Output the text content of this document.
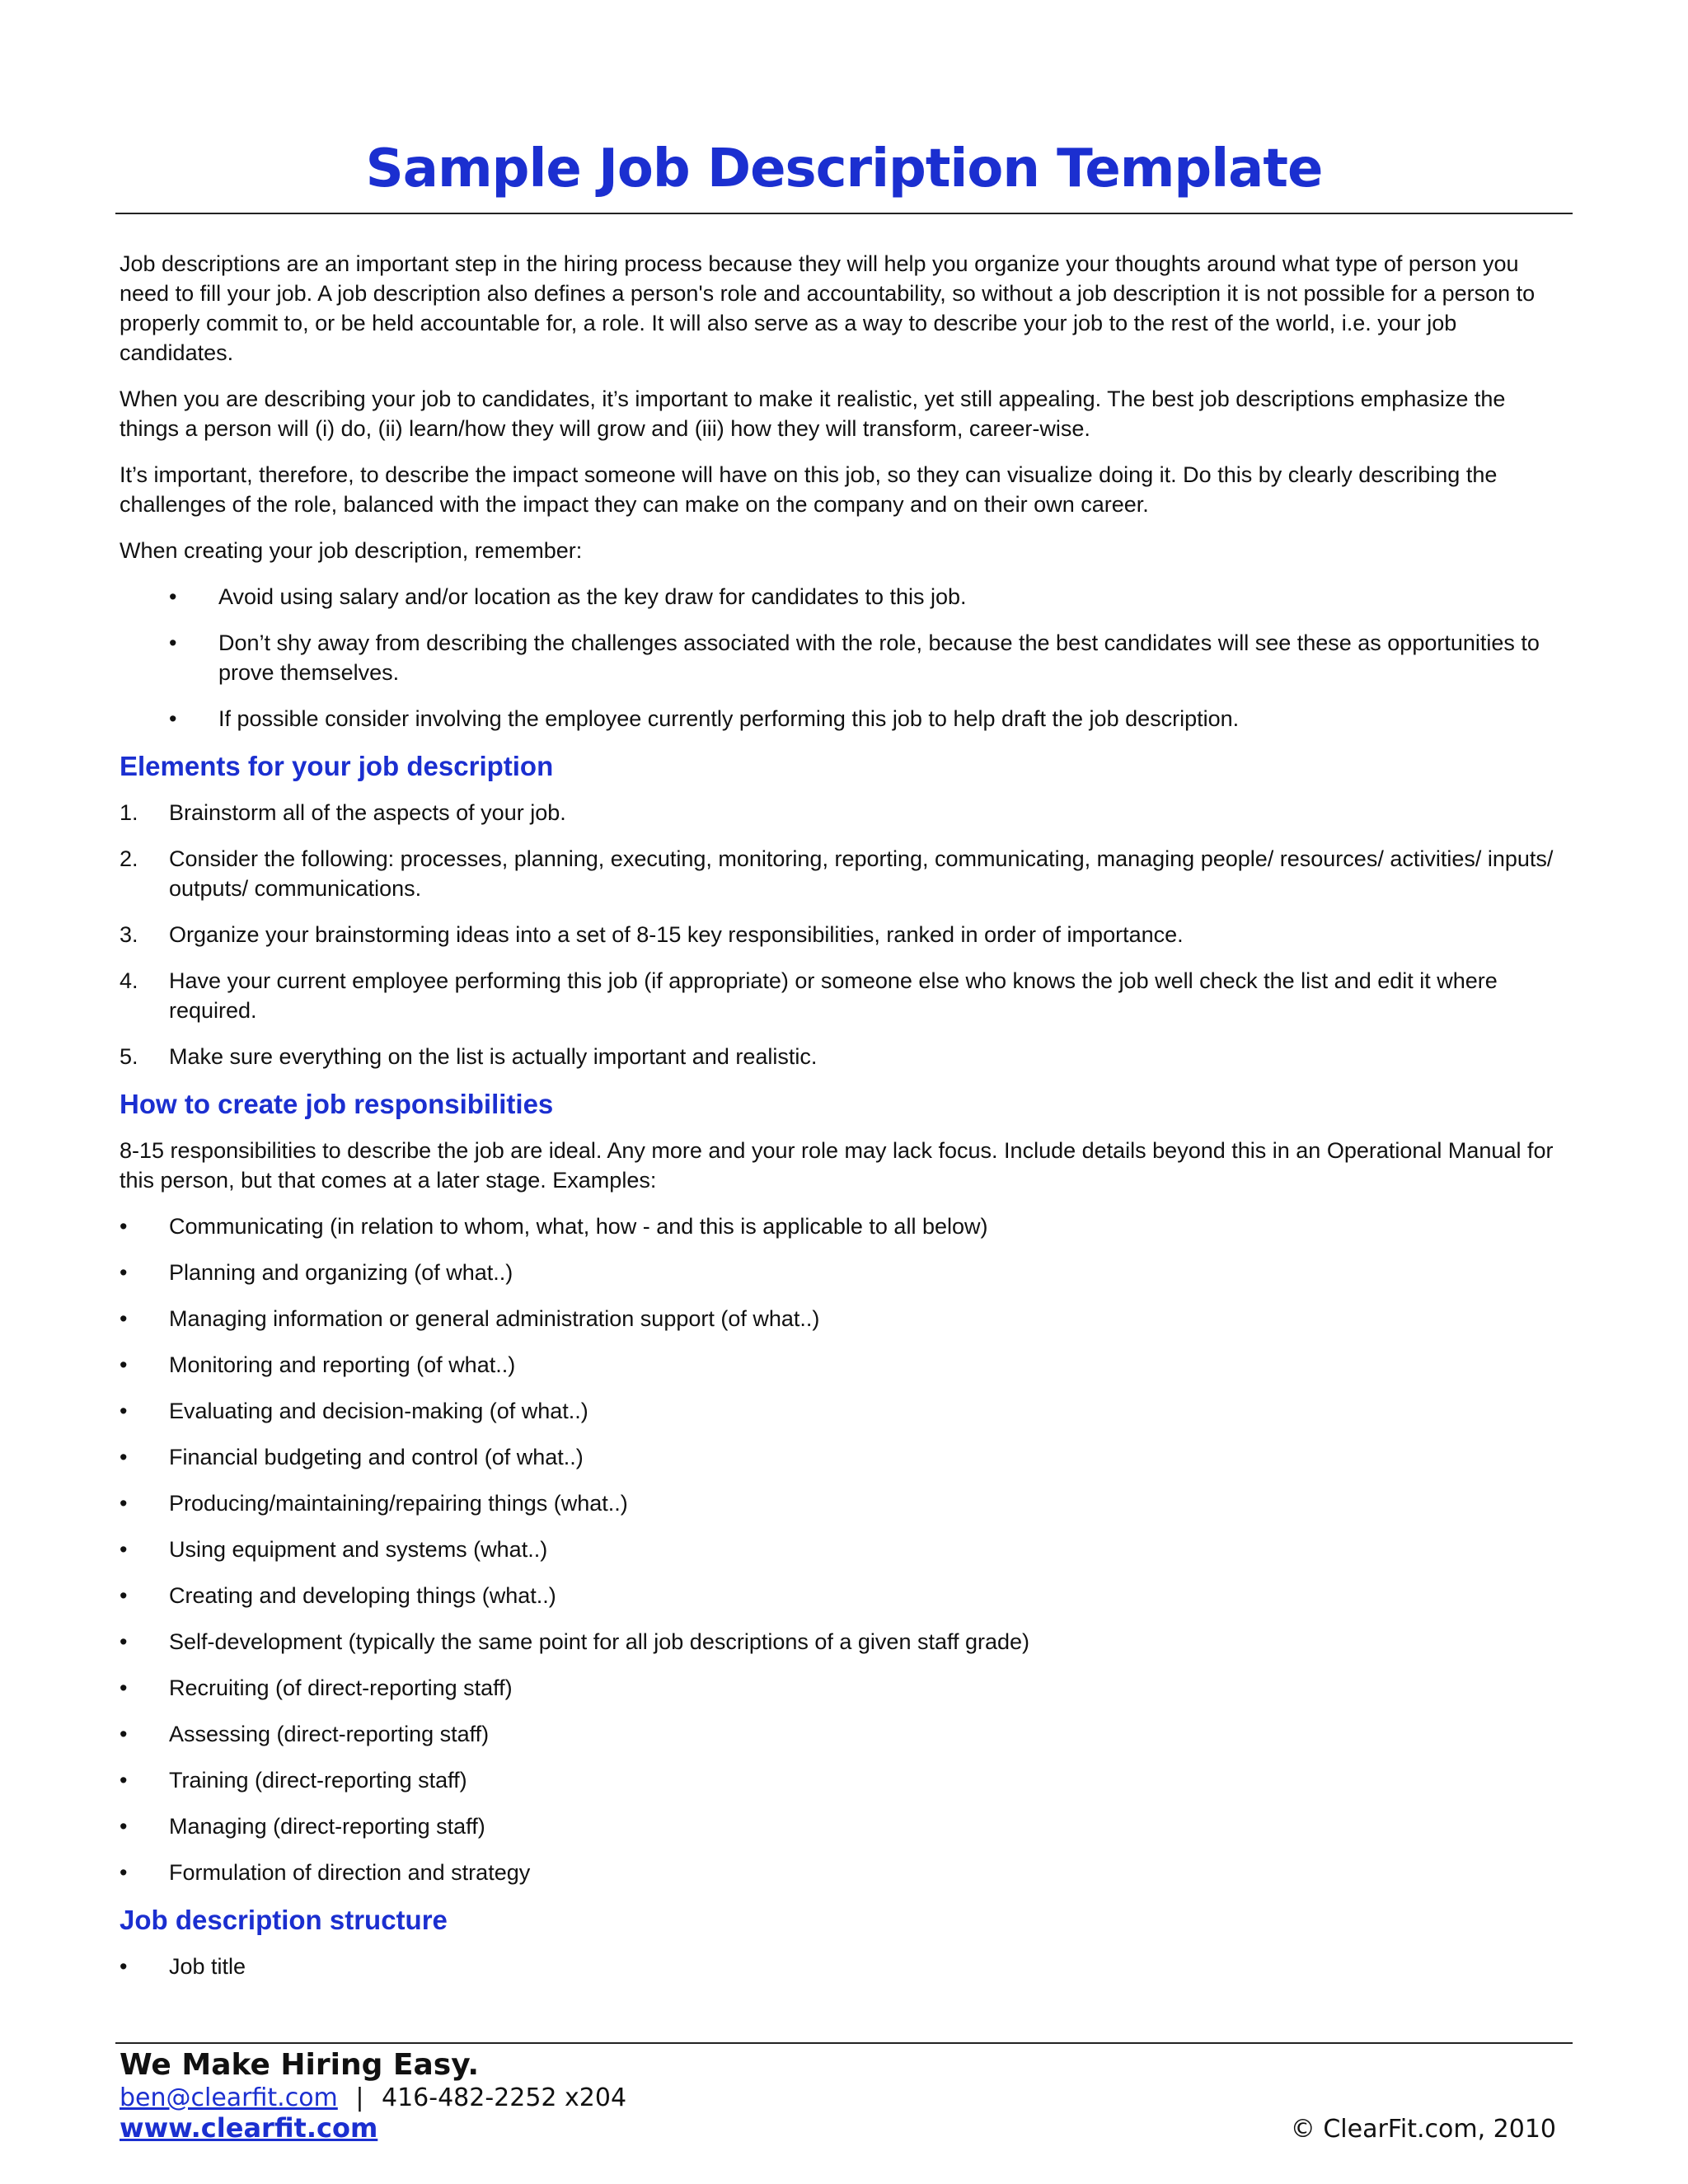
Sample Job Description Template

Job descriptions are an important step in the hiring process because they will help you organize your thoughts around what type of person you need to fill your job. A job description also defines a person's role and accountability, so without a job description it is not possible for a person to properly commit to, or be held accountable for, a role. It will also serve as a way to describe your job to the rest of the world, i.e. your job candidates.

When you are describing your job to candidates, it’s important to make it realistic, yet still appealing. The best job descriptions emphasize the things a person will (i) do, (ii) learn/how they will grow and (iii) how they will transform, career-wise.

It’s important, therefore, to describe the impact someone will have on this job, so they can visualize doing it. Do this by clearly describing the challenges of the role, balanced with the impact they can make on the company and on their own career.

When creating your job description, remember:

• Avoid using salary and/or location as the key draw for candidates to this job.
• Don’t shy away from describing the challenges associated with the role, because the best candidates will see these as opportunities to prove themselves.
• If possible consider involving the employee currently performing this job to help draft the job description.
Elements for your job description
1. Brainstorm all of the aspects of your job.
2. Consider the following: processes, planning, executing, monitoring, reporting, communicating, managing people/ resources/ activities/ inputs/ outputs/ communications.
3. Organize your brainstorming ideas into a set of 8-15 key responsibilities, ranked in order of importance.
4. Have your current employee performing this job (if appropriate) or someone else who knows the job well check the list and edit it where required.
5. Make sure everything on the list is actually important and realistic.
How to create job responsibilities

8-15 responsibilities to describe the job are ideal. Any more and your role may lack focus. Include details beyond this in an Operational Manual for this person, but that comes at a later stage. Examples:

• Communicating (in relation to whom, what, how - and this is applicable to all below)
• Planning and organizing (of what..)
• Managing information or general administration support (of what..)
• Monitoring and reporting (of what..)
• Evaluating and decision-making (of what..)
• Financial budgeting and control (of what..)
• Producing/maintaining/repairing things (what..)
• Using equipment and systems (what..)
• Creating and developing things (what..)
• Self-development (typically the same point for all job descriptions of a given staff grade)
• Recruiting (of direct-reporting staff)
• Assessing (direct-reporting staff)
• Training (direct-reporting staff)
• Managing (direct-reporting staff)
• Formulation of direction and strategy
Job description structure
• Job title

We Make Hiring Easy.

ben@clearfit.com | 416-482-2252 x204

www.clearfit.com	© ClearFit.com, 2010
